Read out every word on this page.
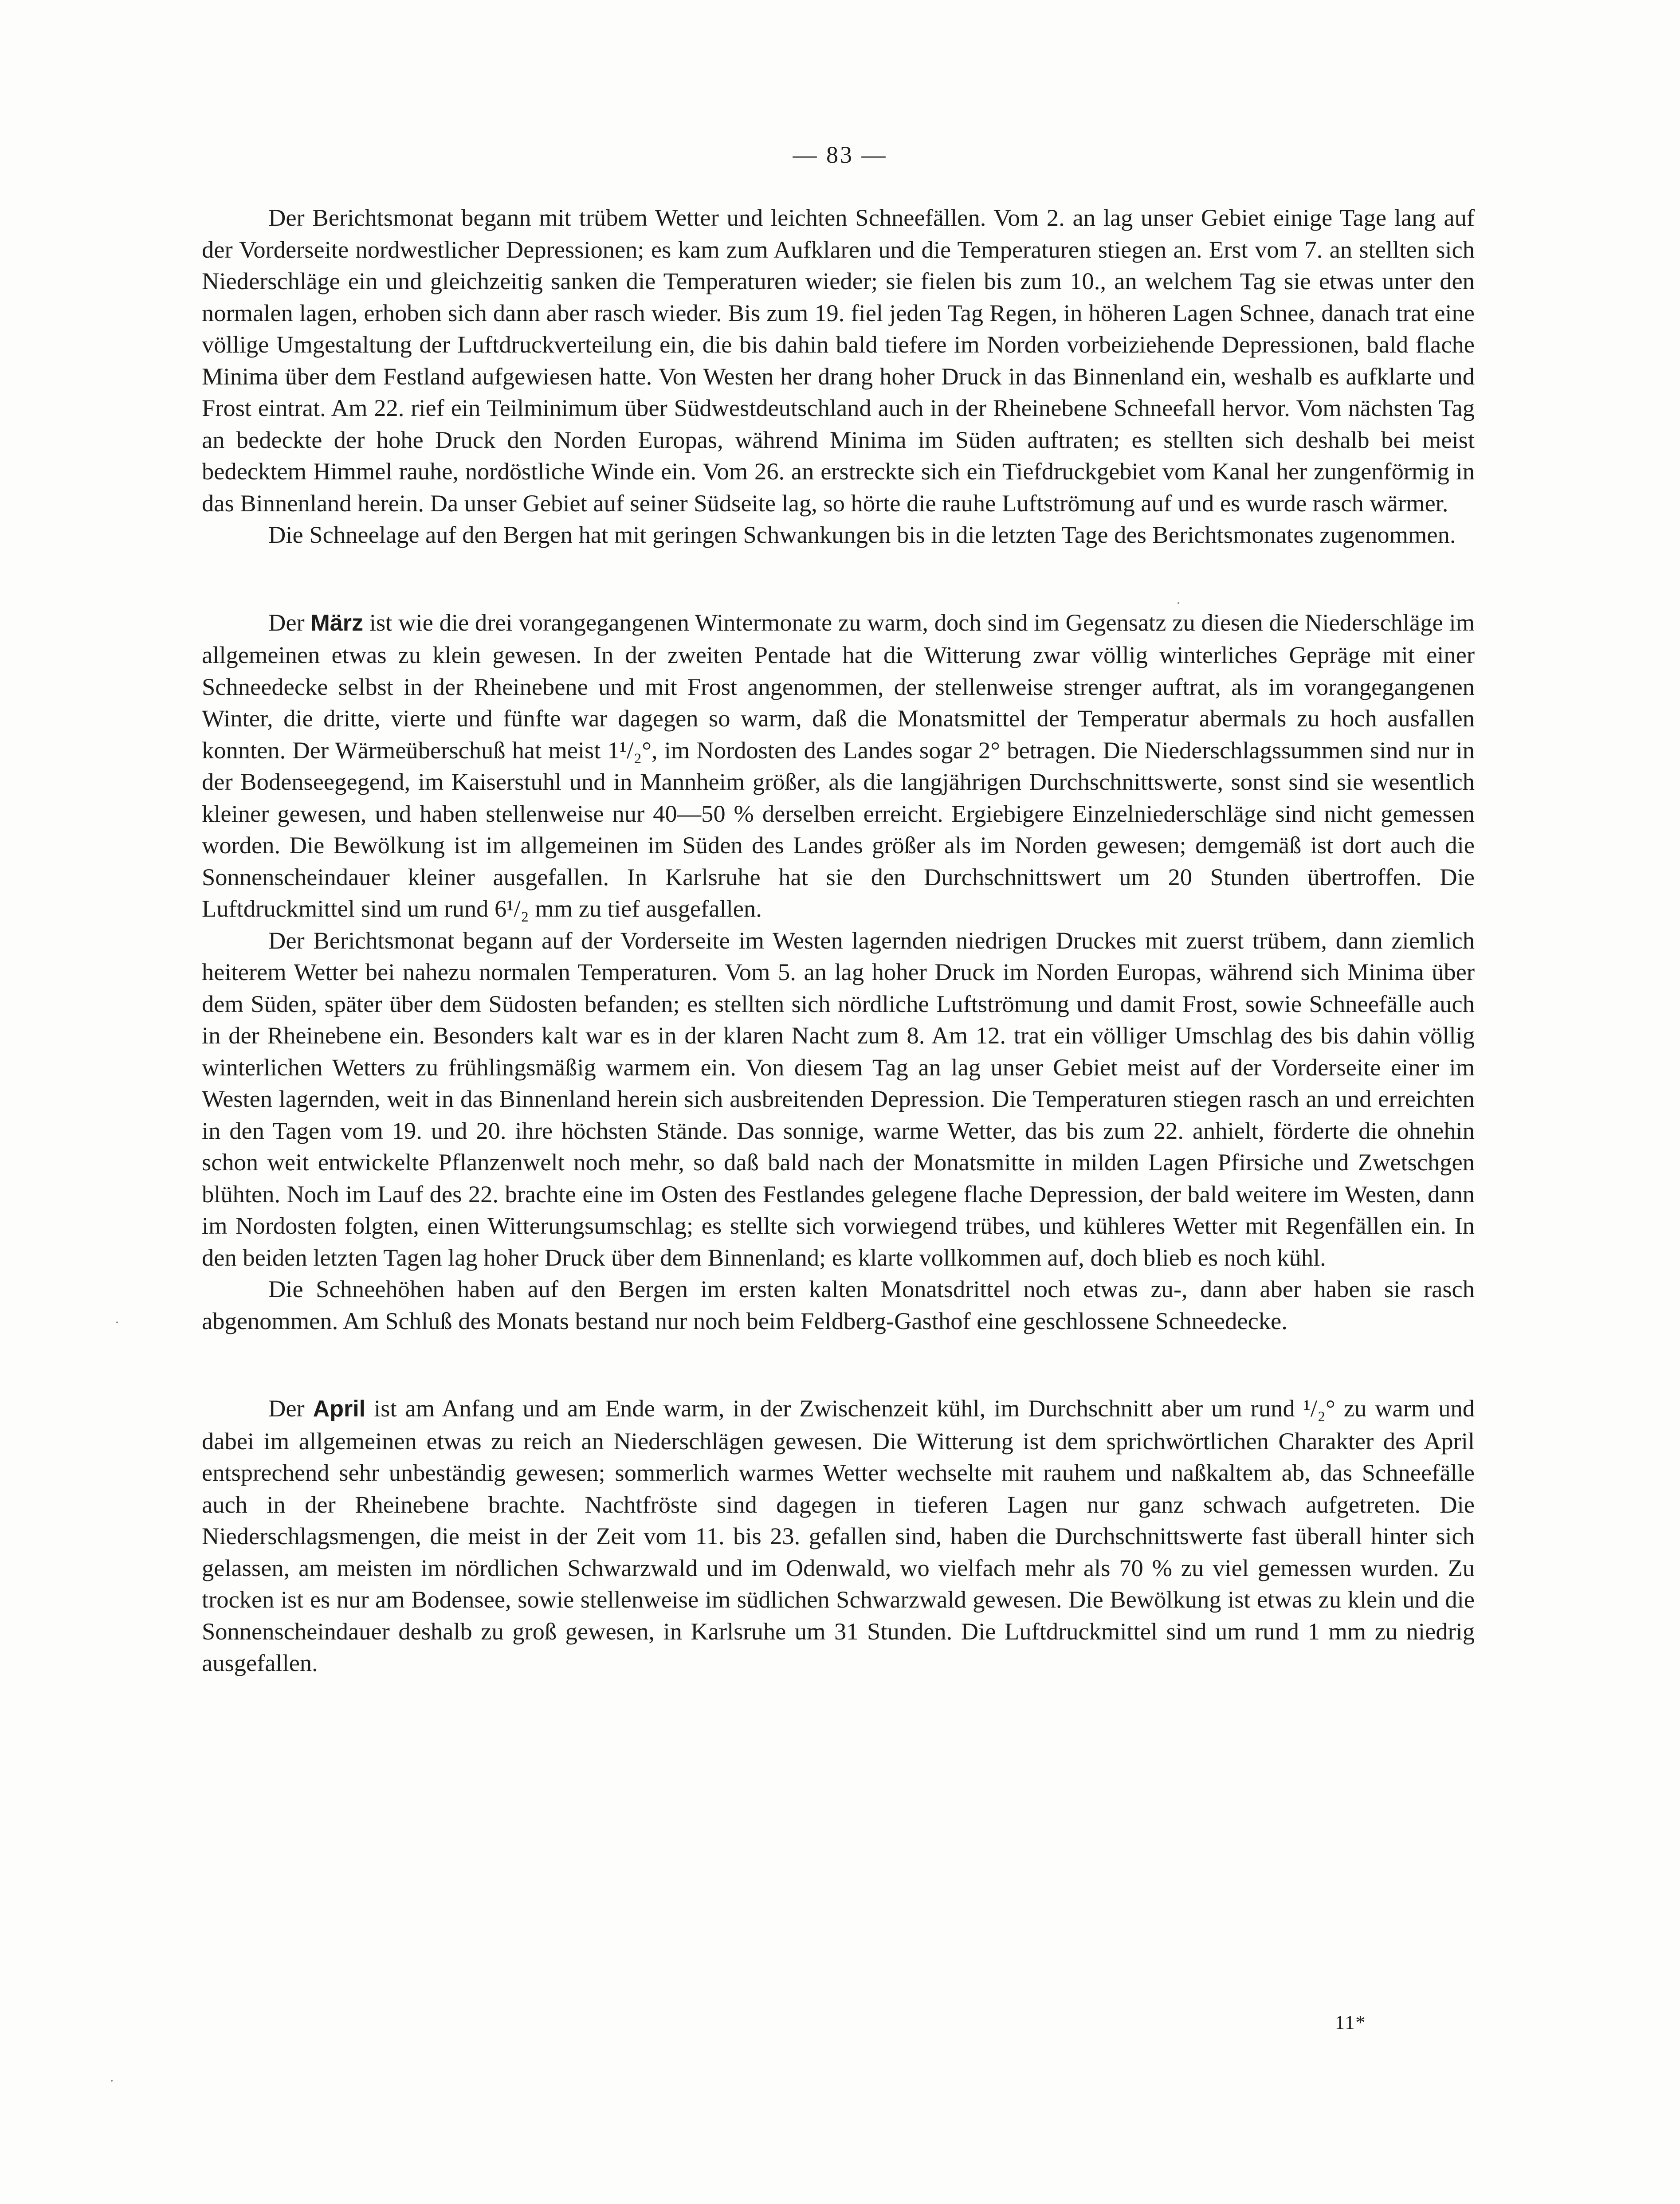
— 83 —

Der Berichtsmonat begann mit trübem Wetter und leichten Schneefällen. Vom 2. an lag unser Gebiet einige Tage lang auf der Vorderseite nordwestlicher Depressionen; es kam zum Aufklaren und die Temperaturen stiegen an. Erst vom 7. an stellten sich Niederschläge ein und gleichzeitig sanken die Temperaturen wieder; sie fielen bis zum 10., an welchem Tag sie etwas unter den normalen lagen, erhoben sich dann aber rasch wieder. Bis zum 19. fiel jeden Tag Regen, in höheren Lagen Schnee, danach trat eine völlige Umgestaltung der Luftdruckverteilung ein, die bis dahin bald tiefere im Norden vorbeiziehende Depressionen, bald flache Minima über dem Festland aufgewiesen hatte. Von Westen her drang hoher Druck in das Binnenland ein, weshalb es aufklarte und Frost eintrat. Am 22. rief ein Teilminimum über Südwestdeutschland auch in der Rheinebene Schneefall hervor. Vom nächsten Tag an bedeckte der hohe Druck den Norden Europas, während Minima im Süden auftraten; es stellten sich deshalb bei meist bedecktem Himmel rauhe, nordöstliche Winde ein. Vom 26. an erstreckte sich ein Tiefdruckgebiet vom Kanal her zungenförmig in das Binnenland herein. Da unser Gebiet auf seiner Südseite lag, so hörte die rauhe Luftströmung auf und es wurde rasch wärmer.

Die Schneelage auf den Bergen hat mit geringen Schwankungen bis in die letzten Tage des Berichtsmonates zugenommen.

Der März ist wie die drei vorangegangenen Wintermonate zu warm, doch sind im Gegensatz zu diesen die Niederschläge im allgemeinen etwas zu klein gewesen. In der zweiten Pentade hat die Witterung zwar völlig winterliches Gepräge mit einer Schneedecke selbst in der Rheinebene und mit Frost angenommen, der stellenweise strenger auftrat, als im vorangegangenen Winter, die dritte, vierte und fünfte war dagegen so warm, daß die Monatsmittel der Temperatur abermals zu hoch ausfallen konnten. Der Wärmeüberschuß hat meist 1¹/₂°, im Nordosten des Landes sogar 2° betragen. Die Niederschlagssummen sind nur in der Bodenseegegend, im Kaiserstuhl und in Mannheim größer, als die langjährigen Durchschnittswerte, sonst sind sie wesentlich kleiner gewesen, und haben stellenweise nur 40—50 % derselben erreicht. Ergiebigere Einzelniederschläge sind nicht gemessen worden. Die Bewölkung ist im allgemeinen im Süden des Landes größer als im Norden gewesen; demgemäß ist dort auch die Sonnenscheindauer kleiner ausgefallen. In Karlsruhe hat sie den Durchschnittswert um 20 Stunden übertroffen. Die Luftdruckmittel sind um rund 6¹/₂ mm zu tief ausgefallen.

Der Berichtsmonat begann auf der Vorderseite im Westen lagernden niedrigen Druckes mit zuerst trübem, dann ziemlich heiterem Wetter bei nahezu normalen Temperaturen. Vom 5. an lag hoher Druck im Norden Europas, während sich Minima über dem Süden, später über dem Südosten befanden; es stellten sich nördliche Luftströmung und damit Frost, sowie Schneefälle auch in der Rheinebene ein. Besonders kalt war es in der klaren Nacht zum 8. Am 12. trat ein völliger Umschlag des bis dahin völlig winterlichen Wetters zu frühlingsmäßig warmem ein. Von diesem Tag an lag unser Gebiet meist auf der Vorderseite einer im Westen lagernden, weit in das Binnenland herein sich ausbreitenden Depression. Die Temperaturen stiegen rasch an und erreichten in den Tagen vom 19. und 20. ihre höchsten Stände. Das sonnige, warme Wetter, das bis zum 22. anhielt, förderte die ohnehin schon weit entwickelte Pflanzenwelt noch mehr, so daß bald nach der Monatsmitte in milden Lagen Pfirsiche und Zwetschgen blühten. Noch im Lauf des 22. brachte eine im Osten des Festlandes gelegene flache Depression, der bald weitere im Westen, dann im Nordosten folgten, einen Witterungsumschlag; es stellte sich vorwiegend trübes, und kühleres Wetter mit Regenfällen ein. In den beiden letzten Tagen lag hoher Druck über dem Binnenland; es klarte vollkommen auf, doch blieb es noch kühl.

Die Schneehöhen haben auf den Bergen im ersten kalten Monatsdrittel noch etwas zu-, dann aber haben sie rasch abgenommen. Am Schluß des Monats bestand nur noch beim Feldberg-Gasthof eine geschlossene Schneedecke.

Der April ist am Anfang und am Ende warm, in der Zwischenzeit kühl, im Durchschnitt aber um rund ¹/₂° zu warm und dabei im allgemeinen etwas zu reich an Niederschlägen gewesen. Die Witterung ist dem sprichwörtlichen Charakter des April entsprechend sehr unbeständig gewesen; sommerlich warmes Wetter wechselte mit rauhem und naßkaltem ab, das Schneefälle auch in der Rheinebene brachte. Nachtfröste sind dagegen in tieferen Lagen nur ganz schwach aufgetreten. Die Niederschlagsmengen, die meist in der Zeit vom 11. bis 23. gefallen sind, haben die Durchschnittswerte fast überall hinter sich gelassen, am meisten im nördlichen Schwarzwald und im Odenwald, wo vielfach mehr als 70 % zu viel gemessen wurden. Zu trocken ist es nur am Bodensee, sowie stellenweise im südlichen Schwarzwald gewesen. Die Bewölkung ist etwas zu klein und die Sonnenscheindauer deshalb zu groß gewesen, in Karlsruhe um 31 Stunden. Die Luftdruckmittel sind um rund 1 mm zu niedrig ausgefallen.

11*
